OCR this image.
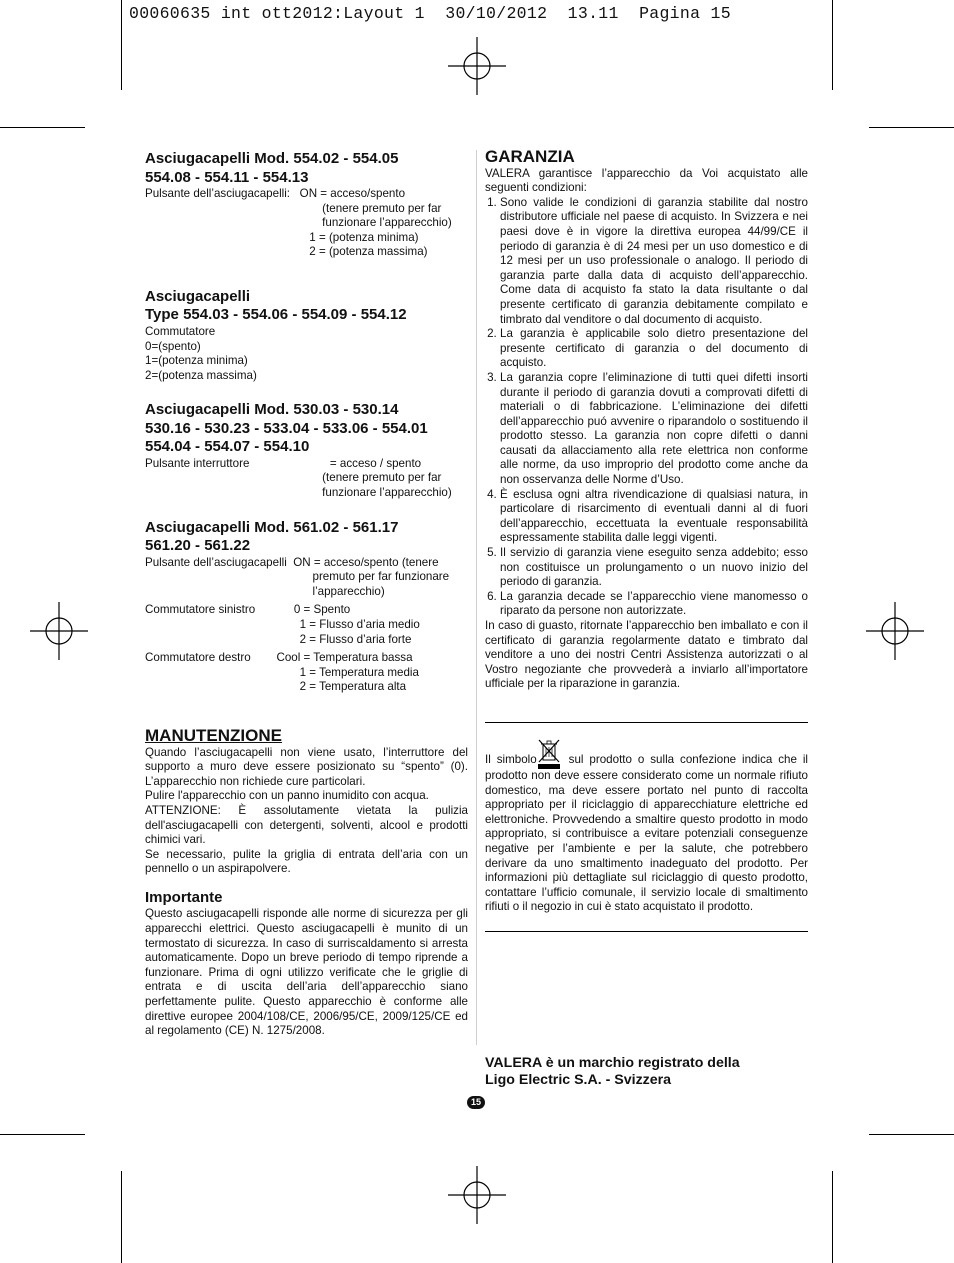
00060635 int ott2012:Layout 1  30/10/2012  13.11  Pagina 15
Asciugacapelli Mod. 554.02 - 554.05
554.08 - 554.11 - 554.13
Pulsante dell’asciugacapelli:   ON = acceso/spento
(tenere premuto per far
funzionare l’apparecchio)
1 = (potenza minima)
2 = (potenza massima)
Asciugacapelli
Type 554.03 - 554.06 - 554.09 - 554.12
Commutatore
0=(spento)
1=(potenza minima)
2=(potenza massima)
Asciugacapelli Mod. 530.03 - 530.14
530.16 - 530.23 - 533.04 - 533.06 - 554.01
554.04 - 554.07 - 554.10
Pulsante interruttore                         = acceso / spento
(tenere premuto per far
funzionare l’apparecchio)
Asciugacapelli Mod. 561.02 - 561.17
561.20 - 561.22
Pulsante dell’asciugacapelli  ON = acceso/spento (tenere
premuto per far funzionare
l’apparecchio)
Commutatore sinistro            0 = Spento
1 = Flusso d’aria medio
2 = Flusso d’aria forte
Commutatore destro        Cool = Temperatura bassa
1 = Temperatura media
2 = Temperatura alta
MANUTENZIONE

Quando l’asciugacapelli non viene usato, l’interruttore del supporto a muro deve essere posizionato su “spento” (0). L’apparecchio non richiede cure particolari.

Pulire l'apparecchio con un panno inumidito con acqua.

ATTENZIONE: È assolutamente vietata la pulizia dell'asciugacapelli con detergenti, solventi, alcool e prodotti chimici vari.

Se necessario, pulite la griglia di entrata dell’aria con un pennello o un aspirapolvere.

Importante

Questo asciugacapelli risponde alle norme di sicurezza per gli apparecchi elettrici. Questo asciugacapelli è munito di un termostato di sicurezza. In caso di surriscaldamento si arresta automaticamente. Dopo un breve periodo di tempo riprende a funzionare. Prima di ogni utilizzo verificate che le griglie di entrata e di uscita dell’aria dell’apparecchio siano perfettamente pulite. Questo apparecchio è conforme alle direttive europee 2004/108/CE, 2006/95/CE, 2009/125/CE ed al regolamento (CE) N. 1275/2008.

GARANZIA

VALERA garantisce l’apparecchio da Voi acquistato alle seguenti condizioni:

1. Sono valide le condizioni di garanzia stabilite dal nostro distributore ufficiale nel paese di acquisto. In Svizzera e nei paesi dove è in vigore la direttiva europea 44/99/CE il periodo di garanzia è di 24 mesi per un uso domestico e di 12 mesi per un uso professionale o analogo. Il periodo di garanzia parte dalla data di acquisto dell’apparecchio. Come data di acquisto fa stato la data risultante o dal presente certificato di garanzia debitamente compilato e timbrato dal venditore o dal documento di acquisto.
2. La garanzia è applicabile solo dietro presentazione del presente certificato di garanzia o del documento di acquisto.
3. La garanzia copre l’eliminazione di tutti quei difetti insorti durante il periodo di garanzia dovuti a comprovati difetti di materiali o di fabbricazione. L’eliminazione dei difetti dell’apparecchio puó avvenire o riparandolo o sostituendo il prodotto stesso. La garanzia non copre difetti o danni causati da allacciamento alla rete elettrica non conforme alle norme, da uso improprio del prodotto come anche da non osservanza delle Norme d’Uso.
4. È esclusa ogni altra rivendicazione di qualsiasi natura, in particolare di risarcimento di eventuali danni al di fuori dell’apparecchio, eccettuata la eventuale responsabilità espressamente stabilita dalle leggi vigenti.
5. Il servizio di garanzia viene eseguito senza addebito; esso non costituisce un prolungamento o un nuovo inizio del periodo di garanzia.
6. La garanzia decade se l’apparecchio viene manomesso o riparato da persone non autorizzate.

In caso di guasto, ritornate l’apparecchio ben imballato e con il certificato di garanzia regolarmente datato e timbrato dal venditore a uno dei nostri Centri Assistenza autorizzati o al Vostro negoziante che provvederà a inviarlo all’importatore ufficiale per la riparazione in garanzia.

Il simbolo	sul prodotto o sulla confezione indica che il prodotto non deve essere considerato come un normale rifiuto domestico, ma deve essere portato nel punto di raccolta appropriato per il riciclaggio di apparecchiature elettriche ed elettroniche. Provvedendo a smaltire questo prodotto in modo appropriato, si contribuisce a evitare potenziali conseguenze negative per l’ambiente e per la salute, che potrebbero derivare da uno smaltimento inadeguato del prodotto. Per informazioni più dettagliate sul riciclaggio di questo prodotto, contattare l’ufficio comunale, il servizio locale di smaltimento rifiuti o il negozio in cui è stato acquistato il prodotto.

VALERA è un marchio registrato della
Ligo Electric S.A. - Svizzera
15
